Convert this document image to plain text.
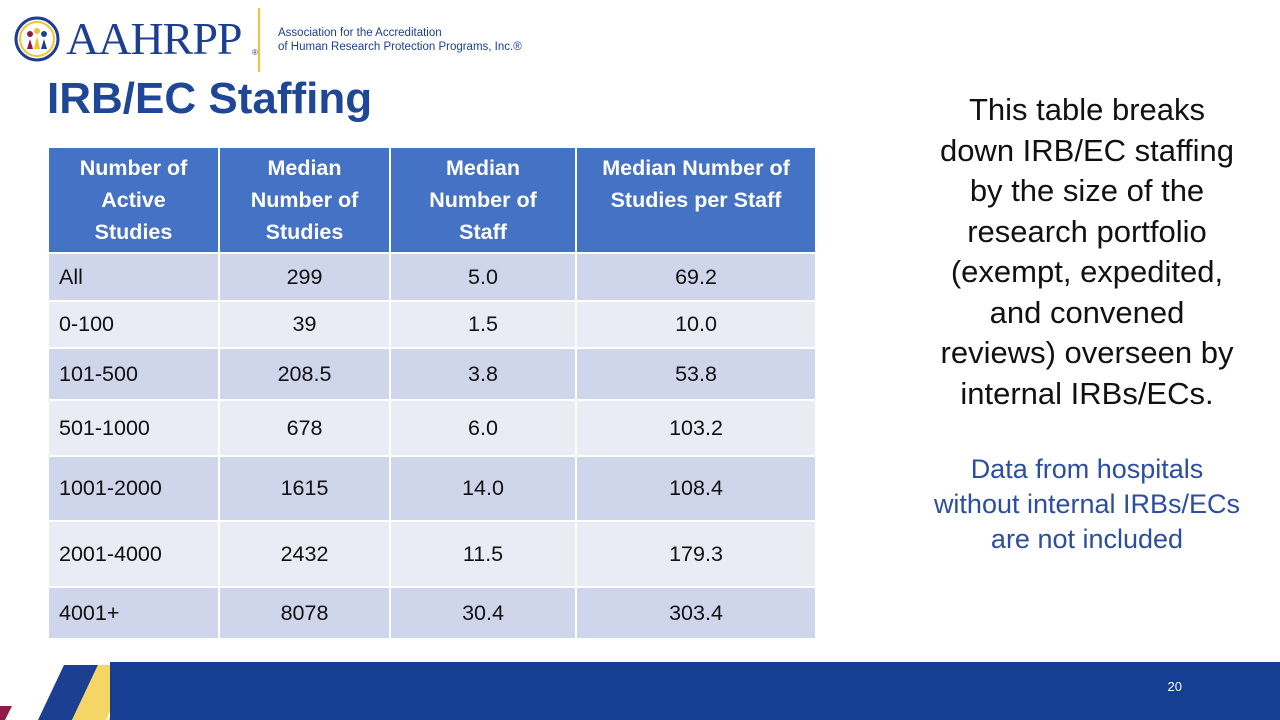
AAHRPP ®
Association for the Accreditation
of Human Research Protection Programs, Inc.®
IRB/EC Staffing
Number of
Active
Studies	Median
Number of
Studies	Median
Number of
Staff	Median Number of
Studies per Staff
All	299	5.0	69.2
0-100	39	1.5	10.0
101-500	208.5	3.8	53.8
501-1000	678	6.0	103.2
1001-2000	1615	14.0	108.4
2001-4000	2432	11.5	179.3
4001+	8078	30.4	303.4

This table breaks
down IRB/EC staffing
by the size of the
research portfolio
(exempt, expedited,
and convened
reviews) overseen by
internal IRBs/ECs.

Data from hospitals
without internal IRBs/ECs
are not included

20
